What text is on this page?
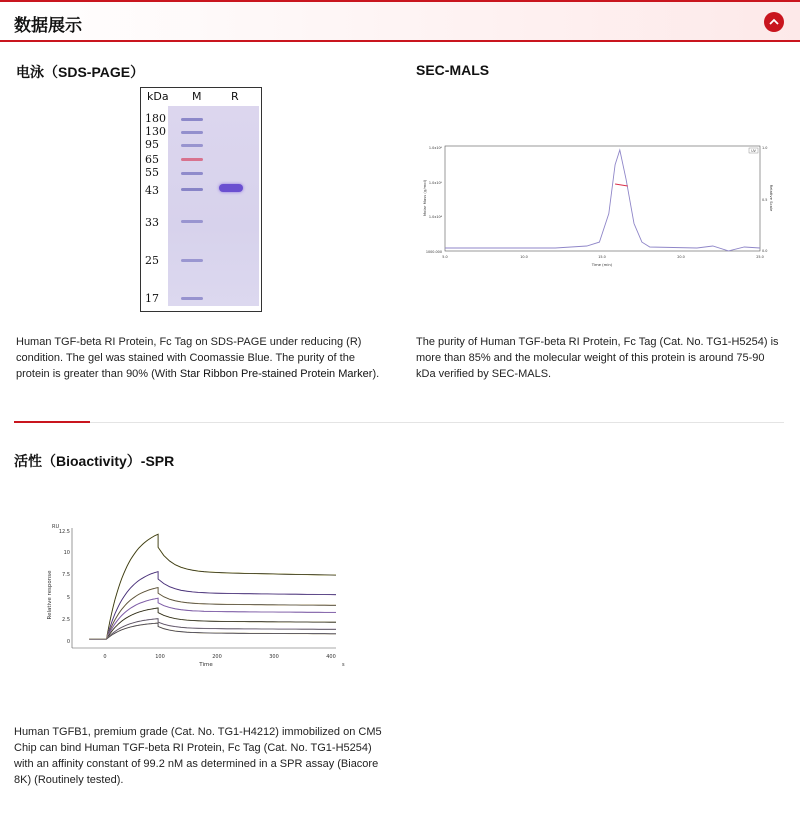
数据展示
电泳（SDS-PAGE）
kDa M	R
180
130
95
65
55
43
33
25
17
Human TGF-beta RI Protein, Fc Tag on SDS-PAGE under reducing (R) condition. The gel was stained with Coomassie Blue. The purity of the protein is greater than 90% (With Star Ribbon Pre-stained Protein Marker).
SEC-MALS
Molar Mass (g/mol)	Relative Scale
Time (min)
UV
1.0x10⁶
1.0x10⁵
1.0x10⁴
1000.000
1.0
0.5
0.0
5.0	10.0	15.0	20.0	25.0
The purity of Human TGF-beta RI Protein, Fc Tag (Cat. No. TG1-H5254) is more than 85% and the molecular weight of this protein is around 75-90 kDa verified by SEC-MALS.
活性（Bioactivity）-SPR
RU
Relative response
Time	s
12.5
10
7.5
5
2.5
0
0	100	200	300	400
Human TGFB1, premium grade (Cat. No. TG1-H4212) immobilized on CM5 Chip can bind Human TGF-beta RI Protein, Fc Tag (Cat. No. TG1-H5254) with an affinity constant of 99.2 nM as determined in a SPR assay (Biacore 8K) (Routinely tested).
